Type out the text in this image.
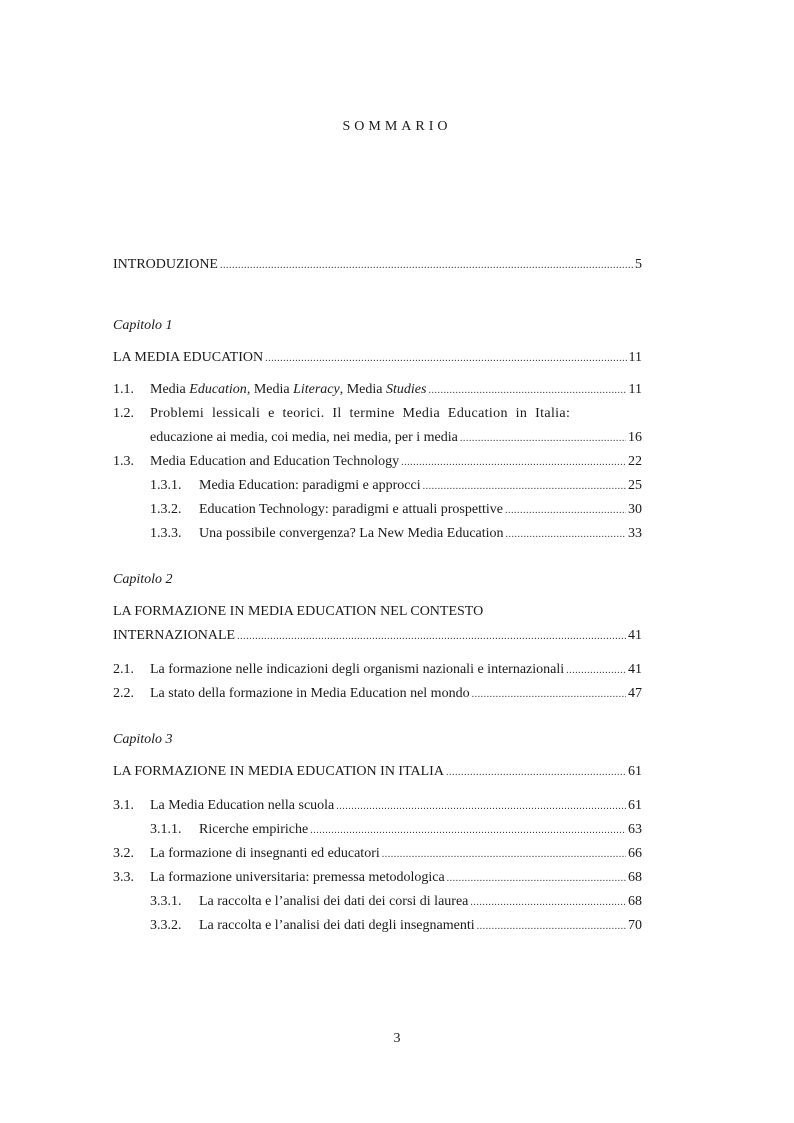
SOMMARIO
INTRODUZIONE .....	5
Capitolo 1
LA MEDIA EDUCATION .....	11
1.1.	Media Education, Media Literacy, Media Studies .....	11
1.2.	Problemi lessicali e teorici. Il termine Media Education in Italia:
educazione ai media, coi media, nei media, per i media .....	16
1.3.	Media Education and Education Technology .....	22
1.3.1.	Media Education: paradigmi e approcci .....	25
1.3.2.	Education Technology: paradigmi e attuali prospettive .....	30
1.3.3.	Una possibile convergenza? La New Media Education .....	33
Capitolo 2
LA FORMAZIONE IN MEDIA EDUCATION NEL CONTESTO
INTERNAZIONALE .....	41
2.1.	La formazione nelle indicazioni degli organismi nazionali e internazionali .....	41
2.2.	La stato della formazione in Media Education nel mondo .....	47
Capitolo 3
LA FORMAZIONE IN MEDIA EDUCATION IN ITALIA .....	61
3.1.	La Media Education nella scuola .....	61
3.1.1.	Ricerche empiriche .....	63
3.2.	La formazione di insegnanti ed educatori .....	66
3.3.	La formazione universitaria: premessa metodologica .....	68
3.3.1.	La raccolta e l’analisi dei dati dei corsi di laurea .....	68
3.3.2.	La raccolta e l’analisi dei dati degli insegnamenti .....	70
3
